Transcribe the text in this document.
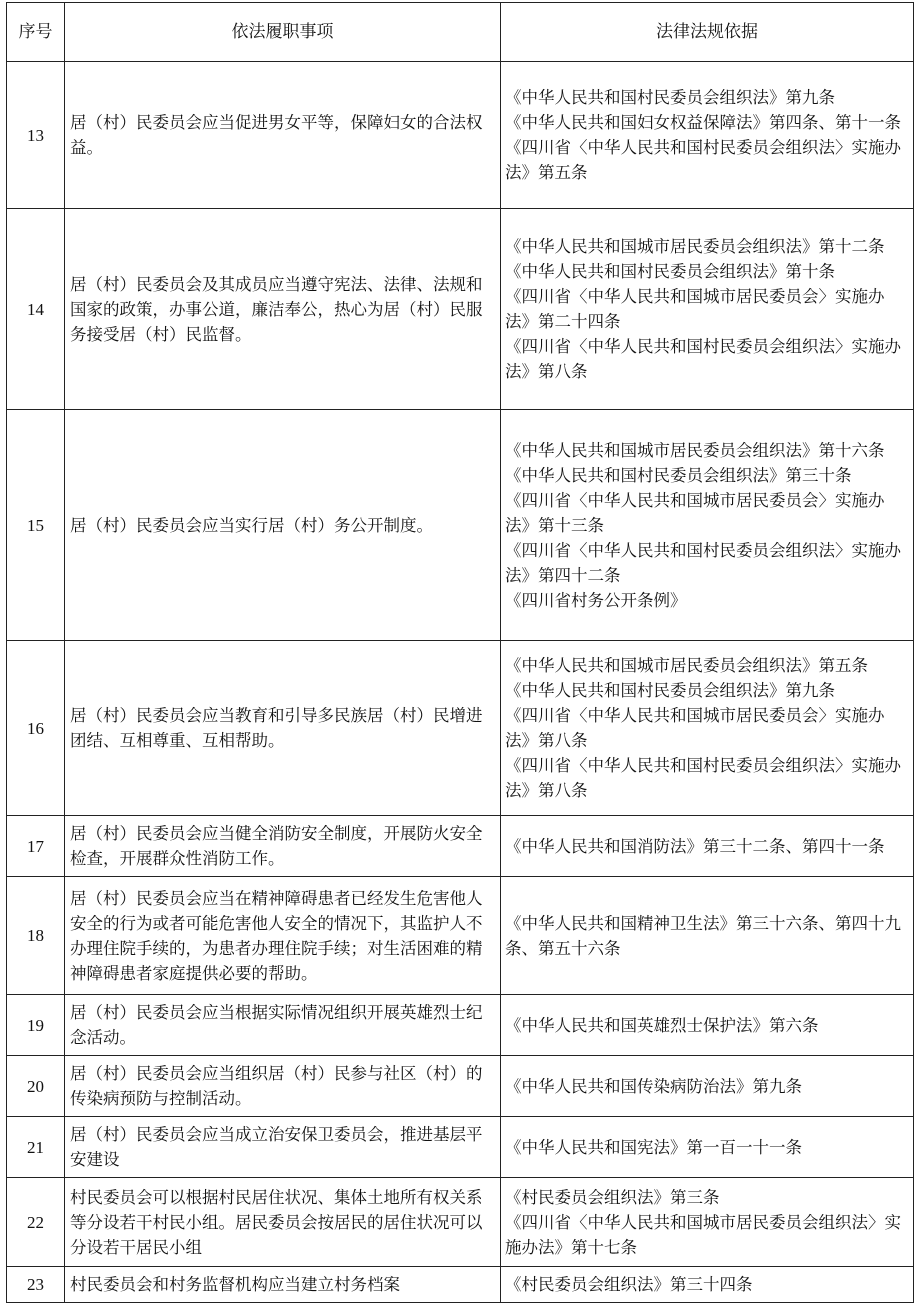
序号	依法履职事项	法律法规依据
13	居（村）民委员会应当促进男女平等，保障妇女的合法权益。	《中华人民共和国村民委员会组织法》第九条
《中华人民共和国妇女权益保障法》第四条、第十一条
《四川省〈中华人民共和国村民委员会组织法〉实施办法》第五条

14	居（村）民委员会及其成员应当遵守宪法、法律、法规和国家的政策，办事公道，廉洁奉公，热心为居（村）民服务接受居（村）民监督。	《中华人民共和国城市居民委员会组织法》第十二条
《中华人民共和国村民委员会组织法》第十条
《四川省〈中华人民共和国城市居民委员会〉实施办法》第二十四条
《四川省〈中华人民共和国村民委员会组织法〉实施办法》第八条

15	居（村）民委员会应当实行居（村）务公开制度。	《中华人民共和国城市居民委员会组织法》第十六条
《中华人民共和国村民委员会组织法》第三十条
《四川省〈中华人民共和国城市居民委员会〉实施办法》第十三条
《四川省〈中华人民共和国村民委员会组织法〉实施办法》第四十二条
《四川省村务公开条例》

16	居（村）民委员会应当教育和引导多民族居（村）民增进团结、互相尊重、互相帮助。	《中华人民共和国城市居民委员会组织法》第五条
《中华人民共和国村民委员会组织法》第九条
《四川省〈中华人民共和国城市居民委员会〉实施办法》第八条
《四川省〈中华人民共和国村民委员会组织法〉实施办法》第八条

17	居（村）民委员会应当健全消防安全制度，开展防火安全检查，开展群众性消防工作。	《中华人民共和国消防法》第三十二条、第四十一条

18	居（村）民委员会应当在精神障碍患者已经发生危害他人安全的行为或者可能危害他人安全的情况下，其监护人不办理住院手续的，为患者办理住院手续；对生活困难的精神障碍患者家庭提供必要的帮助。	《中华人民共和国精神卫生法》第三十六条、第四十九条、第五十六条

19	居（村）民委员会应当根据实际情况组织开展英雄烈士纪念活动。	《中华人民共和国英雄烈士保护法》第六条

20	居（村）民委员会应当组织居（村）民参与社区（村）的传染病预防与控制活动。	《中华人民共和国传染病防治法》第九条

21	居（村）民委员会应当成立治安保卫委员会，推进基层平安建设	《中华人民共和国宪法》第一百一十一条

22	村民委员会可以根据村民居住状况、集体土地所有权关系等分设若干村民小组。居民委员会按居民的居住状况可以分设若干居民小组	《村民委员会组织法》第三条
《四川省〈中华人民共和国城市居民委员会组织法〉实施办法》第十七条

23	村民委员会和村务监督机构应当建立村务档案	《村民委员会组织法》第三十四条
